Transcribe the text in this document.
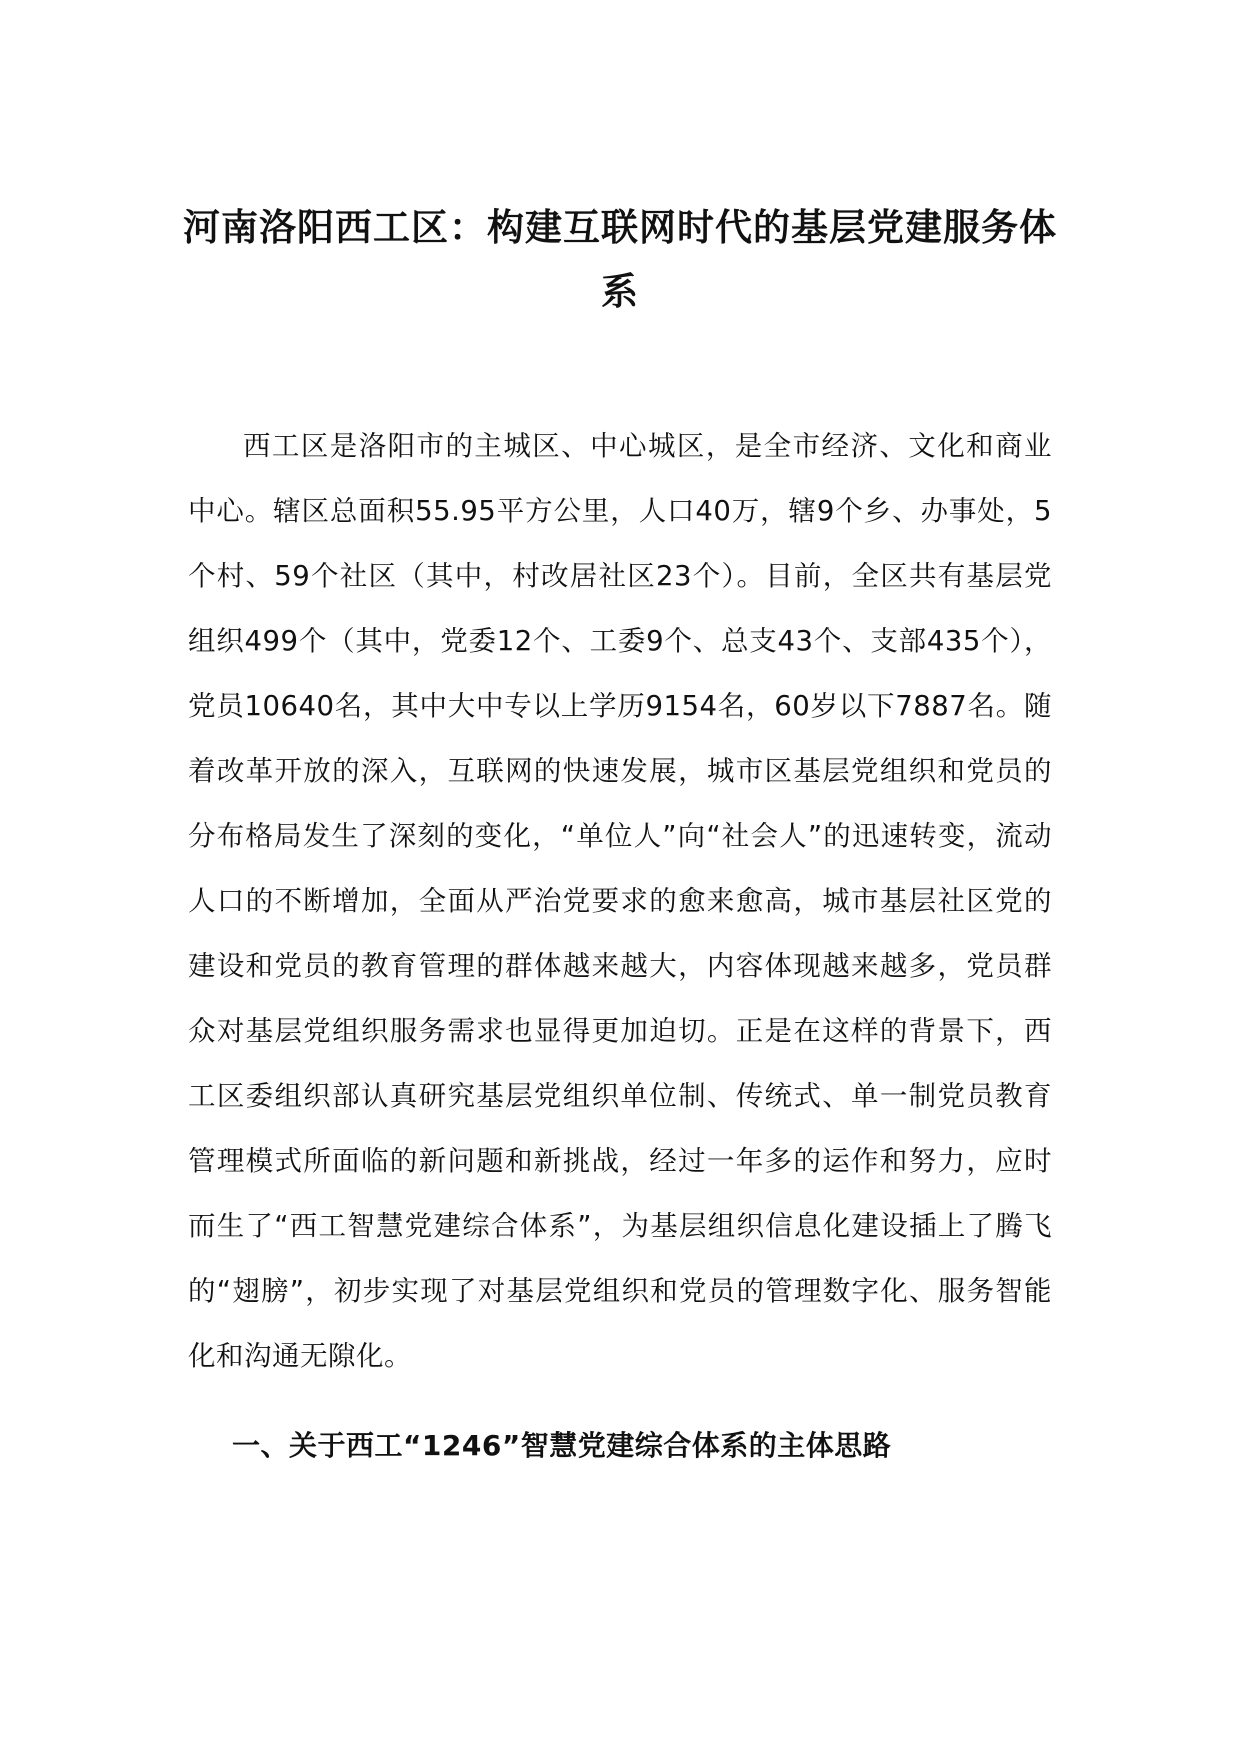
河南洛阳西工区：构建互联网时代的基层党建服务体系

西工区是洛阳市的主城区、中心城区，是全市经济、文化和商业中心。辖区总面积55.95平方公里，人口40万，辖9个乡、办事处，5个村、59个社区（其中，村改居社区23个）。目前，全区共有基层党组织499个（其中，党委12个、工委9个、总支43个、支部435个），党员10640名，其中大中专以上学历9154名，60岁以下7887名。随着改革开放的深入，互联网的快速发展，城市区基层党组织和党员的分布格局发生了深刻的变化，“单位人”向“社会人”的迅速转变，流动人口的不断增加，全面从严治党要求的愈来愈高，城市基层社区党的建设和党员的教育管理的群体越来越大，内容体现越来越多，党员群众对基层党组织服务需求也显得更加迫切。正是在这样的背景下，西工区委组织部认真研究基层党组织单位制、传统式、单一制党员教育管理模式所面临的新问题和新挑战，经过一年多的运作和努力，应时而生了“西工智慧党建综合体系”，为基层组织信息化建设插上了腾飞的“翅膀”，初步实现了对基层党组织和党员的管理数字化、服务智能化和沟通无隙化。

一、关于西工“1246”智慧党建综合体系的主体思路
